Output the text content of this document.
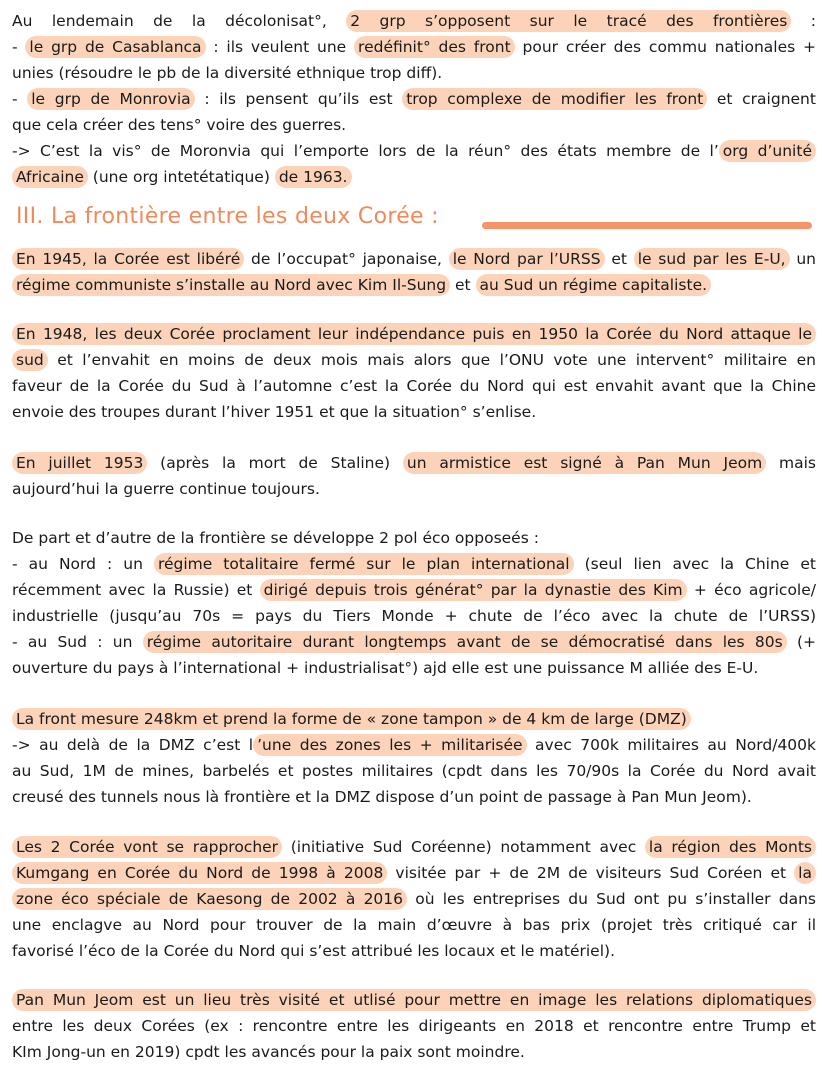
Au lendemain de la décolonisat°, 2 grp s’opposent sur le tracé des frontières :
- le grp de Casablanca : ils veulent une redéfinit° des front pour créer des commu nationales +
unies (résoudre le pb de la diversité ethnique trop diff).
- le grp de Monrovia : ils pensent qu’ils est trop complexe de modifier les front et craignent
que cela créer des tens° voire des guerres.
-> C’est la vis° de Moronvia qui l’emporte lors de la réun° des états membre de l’ org d’unité
Africaine (une org intetétatique) de 1963.
III. La frontière entre les deux Corée :
En 1945, la Corée est libéré de l’occupat° japonaise, le Nord par l’URSS et le sud par les E-U, un
régime communiste s’installe au Nord avec Kim Il-Sung et au Sud un régime capitaliste.
En 1948, les deux Corée proclament leur indépendance puis en 1950 la Corée du Nord attaque le
sud et l’envahit en moins de deux mois mais alors que l’ONU vote une intervent° militaire en
faveur de la Corée du Sud à l’automne c’est la Corée du Nord qui est envahit avant que la Chine
envoie des troupes durant l’hiver 1951 et que la situation° s’enlise.
En juillet 1953 (après la mort de Staline) un armistice est signé à Pan Mun Jeom mais
aujourd’hui la guerre continue toujours.
De part et d’autre de la frontière se développe 2 pol éco opposeés :
- au Nord : un régime totalitaire fermé sur le plan international (seul lien avec la Chine et
récemment avec la Russie) et dirigé depuis trois générat° par la dynastie des Kim + éco agricole/
industrielle (jusqu’au 70s = pays du Tiers Monde + chute de l’éco avec la chute de l’URSS)
- au Sud : un régime autoritaire durant longtemps avant de se démocratisé dans les 80s (+
ouverture du pays à l’international + industrialisat°) ajd elle est une puissance M alliée des E-U.
La front mesure 248km et prend la forme de « zone tampon » de 4 km de large (DMZ)
-> au delà de la DMZ c’est l ’une des zones les + militarisée avec 700k militaires au Nord/400k
au Sud, 1M de mines, barbelés et postes militaires (cpdt dans les 70/90s la Corée du Nord avait
creusé des tunnels nous là frontière et la DMZ dispose d’un point de passage à Pan Mun Jeom).
Les 2 Corée vont se rapprocher (initiative Sud Coréenne) notamment avec la région des Monts
Kumgang en Corée du Nord de 1998 à 2008 visitée par + de 2M de visiteurs Sud Coréen et la
zone éco spéciale de Kaesong de 2002 à 2016 où les entreprises du Sud ont pu s’installer dans
une enclagve au Nord pour trouver de la main d’œuvre à bas prix (projet très critiqué car il
favorisé l’éco de la Corée du Nord qui s’est attribué les locaux et le matériel).
Pan Mun Jeom est un lieu très visité et utlisé pour mettre en image les relations diplomatiques
entre les deux Corées (ex : rencontre entre les dirigeants en 2018 et rencontre entre Trump et
KIm Jong-un en 2019) cpdt les avancés pour la paix sont moindre.
